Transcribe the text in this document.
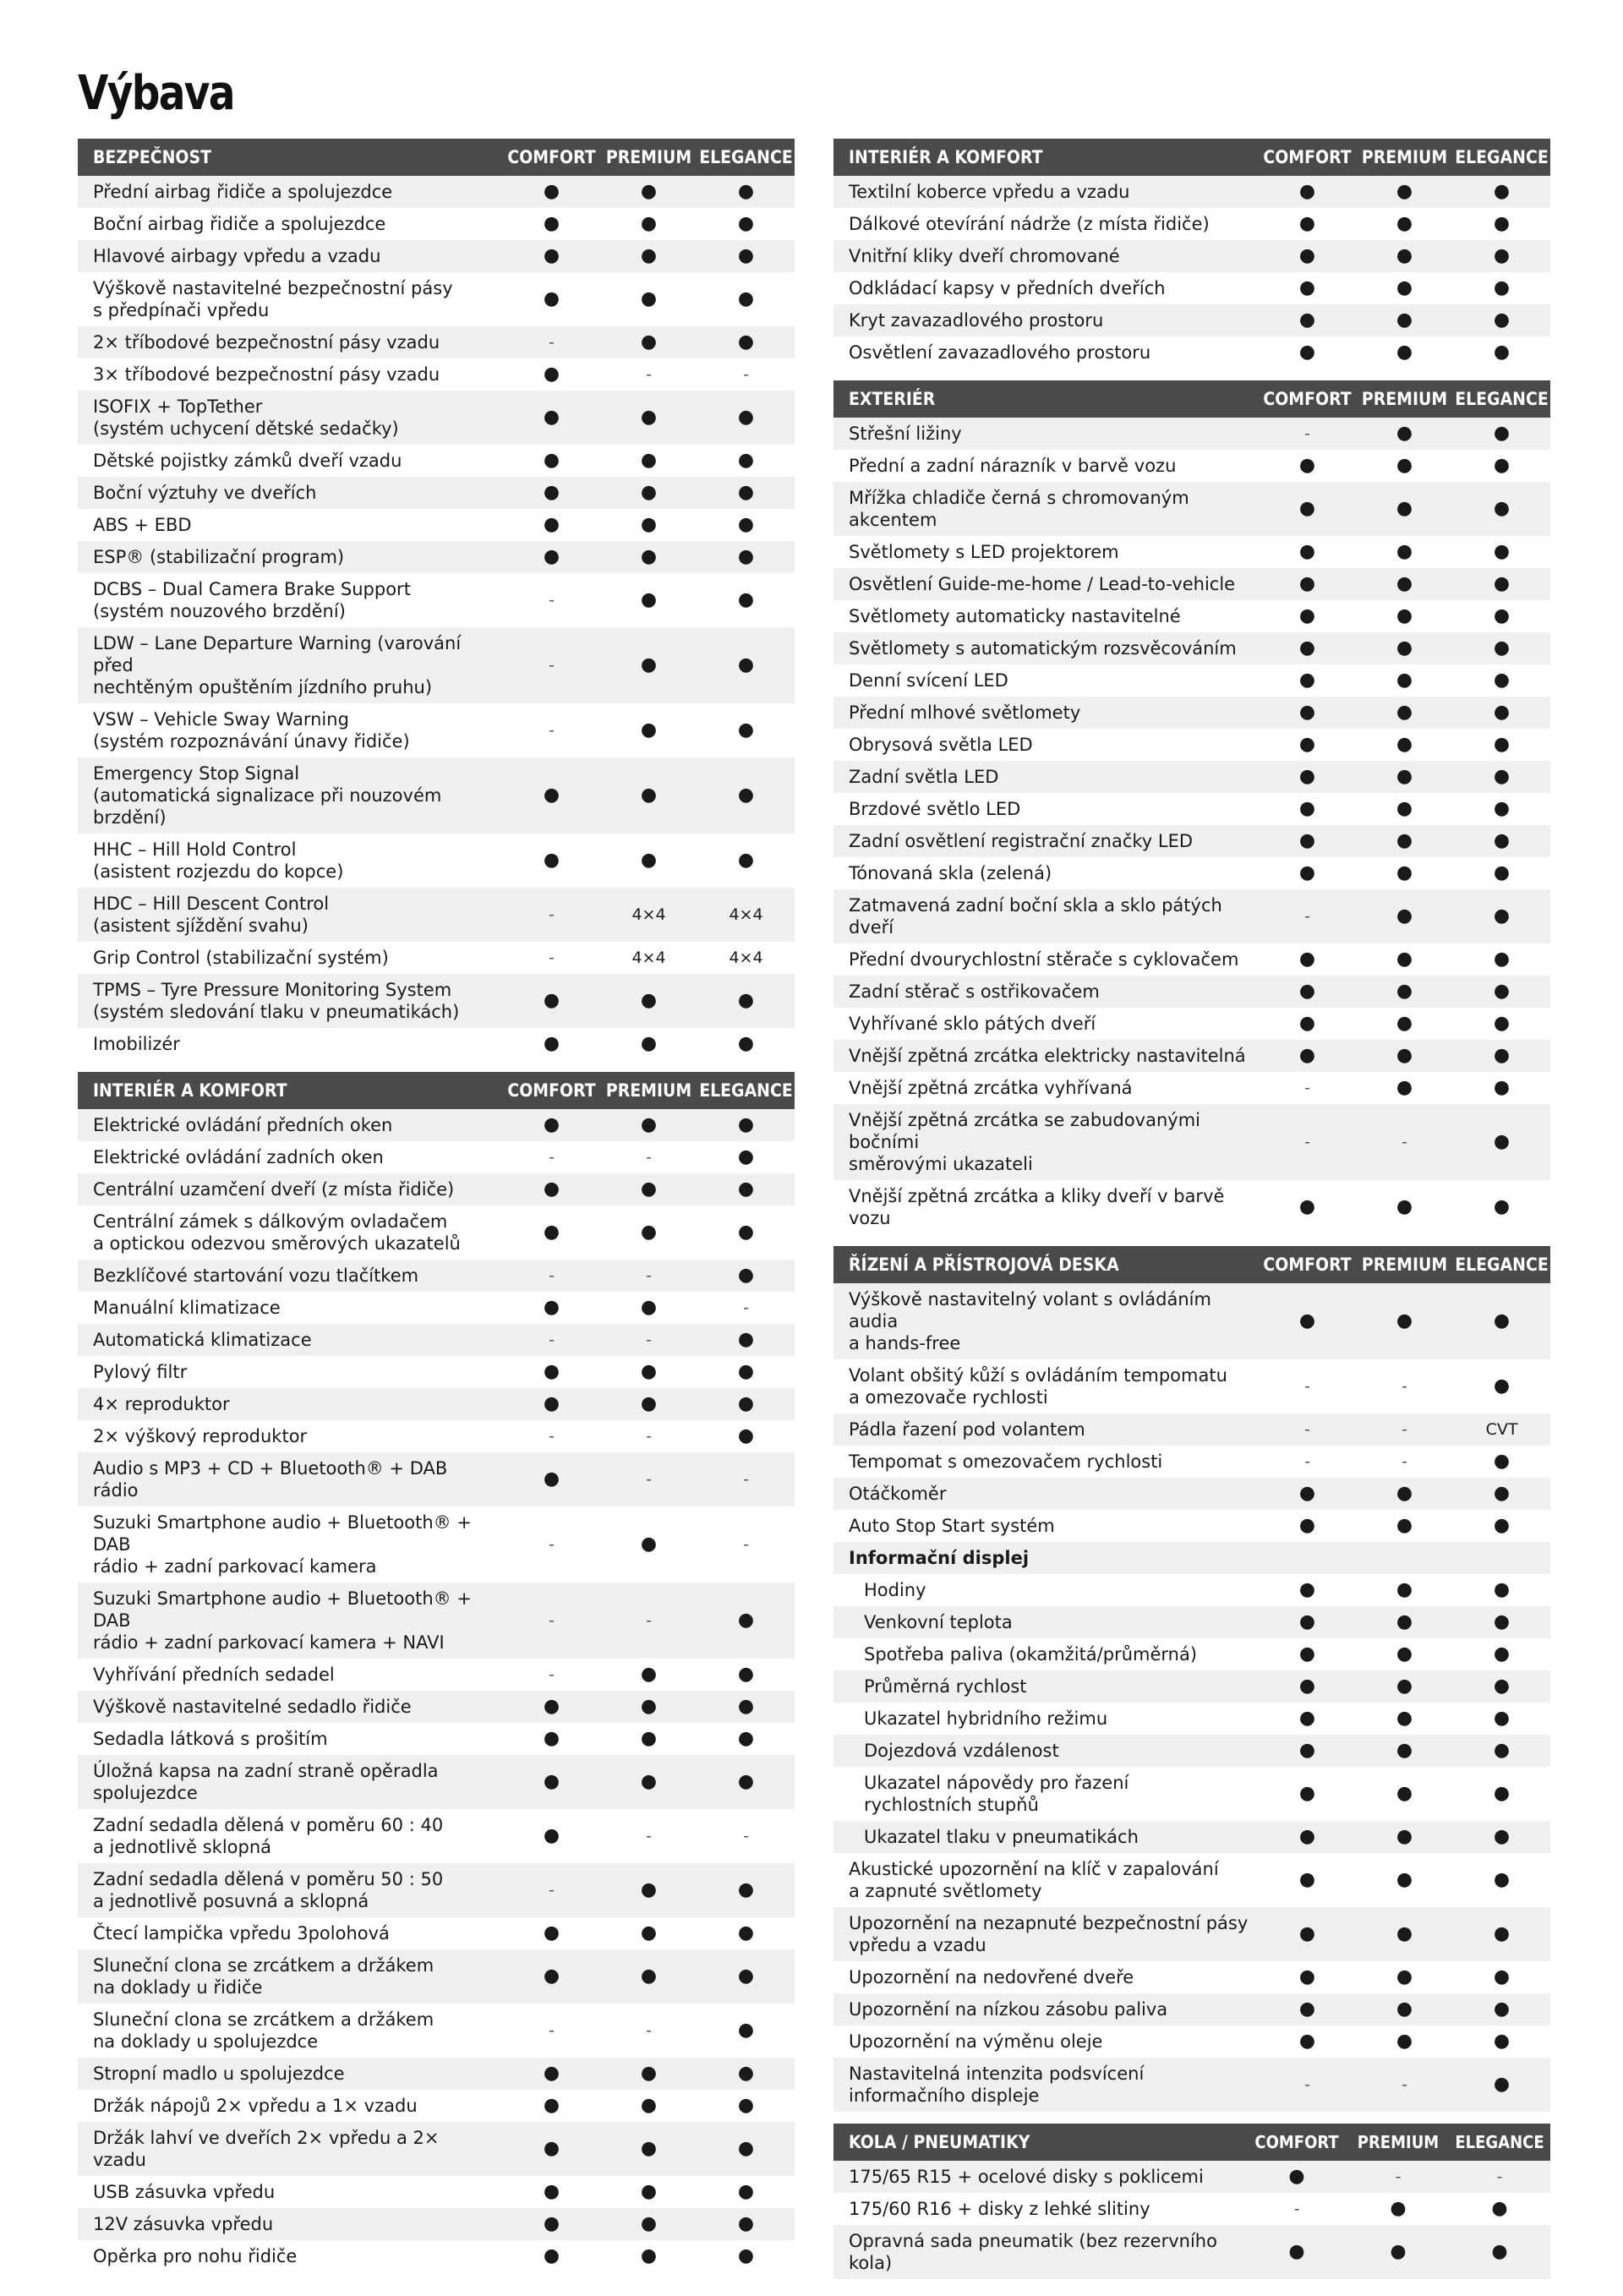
Výbava
BEZPEČNOST	COMFORT PREMIUM ELEGANCE
Přední airbag řidiče a spolujezdce	●	●	●
Boční airbag řidiče a spolujezdce	●	●	●
Hlavové airbagy vpředu a vzadu	●	●	●
Výškově nastavitelné bezpečnostní pásy
s předpínači vpředu
●	●	●
2× tříbodové bezpečnostní pásy vzadu	-	●	●
3× tříbodové bezpečnostní pásy vzadu	●	-	-
ISOFIX + TopTether
(systém uchycení dětské sedačky)
●	●	●
Dětské pojistky zámků dveří vzadu	●	●	●
Boční výztuhy ve dveřích	●	●	●
ABS + EBD	●	●	●
ESP® (stabilizační program)	●	●	●
DCBS – Dual Camera Brake Support
(systém nouzového brzdění)
-	●	●
LDW – Lane Departure Warning (varování před
nechtěným opuštěním jízdního pruhu)
-	●	●
VSW – Vehicle Sway Warning
(systém rozpoznávání únavy řidiče)
-	●	●
Emergency Stop Signal
(automatická signalizace při nouzovém brzdění)
●	●	●
HHC – Hill Hold Control
(asistent rozjezdu do kopce)
●	●	●
HDC – Hill Descent Control
(asistent sjíždění svahu)
-	4×4	4×4
Grip Control (stabilizační systém)	-	4×4	4×4
TPMS – Tyre Pressure Monitoring System
(systém sledování tlaku v pneumatikách)
●	●	●
Imobilizér	●	●	●
INTERIÉR A KOMFORT	COMFORT PREMIUM ELEGANCE
Elektrické ovládání předních oken	●	●	●
Elektrické ovládání zadních oken	-	-	●
Centrální uzamčení dveří (z místa řidiče)	●	●	●
Centrální zámek s dálkovým ovladačem
a optickou odezvou směrových ukazatelů
●	●	●
Bezklíčové startování vozu tlačítkem	-	-	●
Manuální klimatizace	●	●	-
Automatická klimatizace	-	-	●
Pylový filtr	●	●	●
4× reproduktor	●	●	●
2× výškový reproduktor	-	-	●
Audio s MP3 + CD + Bluetooth® + DAB rádio
●	-	-
Suzuki Smartphone audio + Bluetooth® + DAB
rádio + zadní parkovací kamera
-	●	-
Suzuki Smartphone audio + Bluetooth® + DAB
rádio + zadní parkovací kamera + NAVI
-	-	●
Vyhřívání předních sedadel	-	●	●
Výškově nastavitelné sedadlo řidiče	●	●	●
Sedadla látková s prošitím	●	●	●
Úložná kapsa na zadní straně opěradla
spolujezdce
●	●	●
Zadní sedadla dělená v poměru 60 : 40
a jednotlivě sklopná
●	-	-
Zadní sedadla dělená v poměru 50 : 50
a jednotlivě posuvná a sklopná
-	●	●
Čtecí lampička vpředu 3polohová	●	●	●
Sluneční clona se zrcátkem a držákem
na doklady u řidiče
●	●	●
Sluneční clona se zrcátkem a držákem
na doklady u spolujezdce
-	-	●
Stropní madlo u spolujezdce	●	●	●
Držák nápojů 2× vpředu a 1× vzadu	●	●	●
Držák lahví ve dveřích 2× vpředu a 2× vzadu
●	●	●
USB zásuvka vpředu	●	●	●
12V zásuvka vpředu	●	●	●
Opěrka pro nohu řidiče	●	●	●
INTERIÉR A KOMFORT	COMFORT PREMIUM ELEGANCE
Textilní koberce vpředu a vzadu	●	●	●
Dálkové otevírání nádrže (z místa řidiče)	●	●	●
Vnitřní kliky dveří chromované	●	●	●
Odkládací kapsy v předních dveřích	●	●	●
Kryt zavazadlového prostoru	●	●	●
Osvětlení zavazadlového prostoru	●	●	●
EXTERIÉR	COMFORT PREMIUM ELEGANCE
Střešní ližiny	-	●	●
Přední a zadní nárazník v barvě vozu	●	●	●
Mřížka chladiče černá s chromovaným akcentem
●	●	●
Světlomety s LED projektorem	●	●	●
Osvětlení Guide-me-home / Lead-to-vehicle	●	●	●
Světlomety automaticky nastavitelné	●	●	●
Světlomety s automatickým rozsvěcováním	●	●	●
Denní svícení LED	●	●	●
Přední mlhové světlomety	●	●	●
Obrysová světla LED	●	●	●
Zadní světla LED	●	●	●
Brzdové světlo LED	●	●	●
Zadní osvětlení registrační značky LED	●	●	●
Tónovaná skla (zelená)	●	●	●
Zatmavená zadní boční skla a sklo pátých dveří
-	●	●
Přední dvourychlostní stěrače s cyklovačem	●	●	●
Zadní stěrač s ostřikovačem	●	●	●
Vyhřívané sklo pátých dveří	●	●	●
Vnější zpětná zrcátka elektricky nastavitelná	●	●	●
Vnější zpětná zrcátka vyhřívaná	-	●	●
Vnější zpětná zrcátka se zabudovanými bočními
směrovými ukazateli
-	-	●
Vnější zpětná zrcátka a kliky dveří v barvě vozu
●	●	●
ŘÍZENÍ A PŘÍSTROJOVÁ DESKA	COMFORT PREMIUM ELEGANCE
Výškově nastavitelný volant s ovládáním audia
a hands-free
●	●	●
Volant obšitý kůží s ovládáním tempomatu
a omezovače rychlosti
-	-	●
Pádla řazení pod volantem	-	-	CVT
Tempomat s omezovačem rychlosti	-	-	●
Otáčkoměr	●	●	●
Auto Stop Start systém	●	●	●
Informační displej
Hodiny	●	●	●
Venkovní teplota	●	●	●
Spotřeba paliva (okamžitá/průměrná)	●	●	●
Průměrná rychlost	●	●	●
Ukazatel hybridního režimu	●	●	●
Dojezdová vzdálenost	●	●	●
Ukazatel nápovědy pro řazení
rychlostních stupňů
●	●	●
Ukazatel tlaku v pneumatikách	●	●	●
Akustické upozornění na klíč v zapalování
a zapnuté světlomety
●	●	●
Upozornění na nezapnuté bezpečnostní pásy
vpředu a vzadu
●	●	●
Upozornění na nedovřené dveře	●	●	●
Upozornění na nízkou zásobu paliva	●	●	●
Upozornění na výměnu oleje	●	●	●
Nastavitelná intenzita podsvícení
informačního displeje
-	-	●
KOLA / PNEUMATIKY	COMFORT	PREMIUM ELEGANCE
175/65 R15 + ocelové disky s poklicemi	●	-	-
175/60 R16 + disky z lehké slitiny	-	●	●
Opravná sada pneumatik (bez rezervního kola)
●	●	●
